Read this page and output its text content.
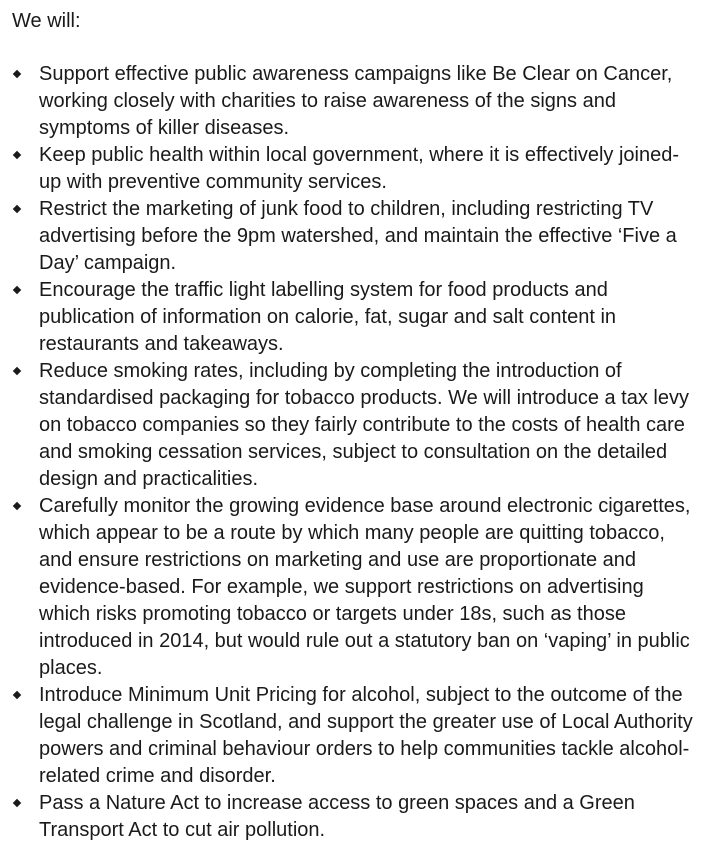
We will:

Support effective public awareness campaigns like Be Clear on Cancer, working closely with charities to raise awareness of the signs and symptoms of killer diseases.
Keep public health within local government, where it is effectively joined-up with preventive community services.
Restrict the marketing of junk food to children, including restricting TV advertising before the 9pm watershed, and maintain the effective ‘Five a Day’ campaign.
Encourage the traffic light labelling system for food products and publication of information on calorie, fat, sugar and salt content in restaurants and takeaways.
Reduce smoking rates, including by completing the introduction of standardised packaging for tobacco products. We will introduce a tax levy on tobacco companies so they fairly contribute to the costs of health care and smoking cessation services, subject to consultation on the detailed design and practicalities.
Carefully monitor the growing evidence base around electronic cigarettes, which appear to be a route by which many people are quitting tobacco, and ensure restrictions on marketing and use are proportionate and evidence-based. For example, we support restrictions on advertising which risks promoting tobacco or targets under 18s, such as those introduced in 2014, but would rule out a statutory ban on ‘vaping’ in public places.
Introduce Minimum Unit Pricing for alcohol, subject to the outcome of the legal challenge in Scotland, and support the greater use of Local Authority powers and criminal behaviour orders to help communities tackle alcohol-related crime and disorder.
Pass a Nature Act to increase access to green spaces and a Green Transport Act to cut air pollution.
